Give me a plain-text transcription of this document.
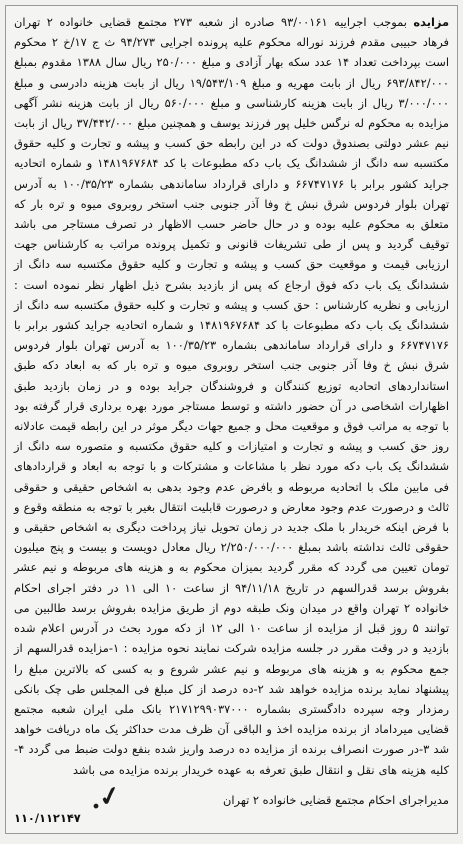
مزایده بموجب اجراییه ۹۳/۰۰۱۶۱ صادره از شعبه ۲۷۳ مجتمع قضایی خانواده ۲ تهران فرهاد حبیبی مقدم فرزند نوراله محکوم علیه پرونده اجرایی ۹۴/۲۷۳ ث ج ۱۷/خ ۲ محکوم است بپرداخت تعداد ۱۴ عدد سکه بهار آزادی و مبلغ ۲۵۰/۰۰۰ ریال سال ۱۳۸۸ مقدوم بمبلغ ۶۹۳/۸۴۲/۰۰۰ ریال از بابت مهریه و مبلغ ۱۹/۵۴۳/۱۰۹ ریال از بابت هزینه دادرسی و مبلغ ۳/۰۰۰/۰۰۰ ریال از بابت هزینه کارشناسی و مبلغ ۵۶۰/۰۰۰ ریال از بابت هزینه نشر آگهی مزایده به محکوم له نرگس خلیل پور فرزند یوسف و همچنین مبلغ ۳۷/۴۴۲/۰۰۰ ریال از بابت نیم عشر دولتی بصندوق دولت که در این رابطه حق کسب و پیشه و تجارت و کلیه حقوق مکتسبه سه دانگ از ششدانگ یک باب دکه مطبوعات با کد ۱۴۸۱۹۶۷۶۸۴ و شماره اتحادیه جراید کشور برابر با ۶۶۷۴۷۱۷۶ و دارای قرارداد ساماندهی بشماره ۱۰۰/۳۵/۲۳ به آدرس تهران بلوار فردوس شرق نبش خ وفا آذر جنوبی جنب استخر روبروی میوه و تره بار که متعلق به محکوم علیه بوده و در حال حاضر حسب الاظهار در تصرف مستاجر می باشد توقیف گردید و پس از طی تشریفات قانونی و تکمیل پرونده مراتب به کارشناس جهت ارزیابی قیمت و موقعیت حق کسب و پیشه و تجارت و کلیه حقوق مکتسبه سه دانگ از ششدانگ یک باب دکه فوق ارجاع که پس از بازدید بشرح ذیل اظهار نظر نموده است : ارزیابی و نظریه کارشناس : حق کسب و پیشه و تجارت و کلیه حقوق مکتسبه سه دانگ از ششدانگ یک باب دکه مطبوعات با کد ۱۴۸۱۹۶۷۶۸۴ و شماره اتحادیه جراید کشور برابر با ۶۶۷۴۷۱۷۶ و دارای قرارداد ساماندهی بشماره ۱۰۰/۳۵/۲۳ به آدرس تهران بلوار فردوس شرق نبش خ وفا آذر جنوبی جنب استخر روبروی میوه و تره بار که به ابعاد دکه طبق استانداردهای اتحادیه توزیع کنندگان و فروشندگان جراید بوده و در زمان بازدید طبق اظهارات اشخاصی در آن حضور داشته و توسط مستاجر مورد بهره برداری قرار گرفته بود با توجه به مراتب فوق و موقعیت محل و جمیع جهات دیگر موثر در این رابطه قیمت عادلانه روز حق کسب و پیشه و تجارت و امتیازات و کلیه حقوق مکتسبه و متصوره سه دانگ از ششدانگ یک باب دکه مورد نظر با مشاعات و مشترکات و با توجه به ابعاد و قراردادهای فی مابین ملک با اتحادیه مربوطه و بافرض عدم وجود بدهی به اشخاص حقیقی و حقوقی ثالث و درصورت عدم وجود معارض و درصورت قابلیت انتقال بغیر با توجه به منطقه وقوع و با فرض اینکه خریدار با ملک جدید در زمان تحویل نیاز پرداخت دیگری به اشخاص حقیقی و حقوقی ثالث نداشته باشد بمبلغ ۲/۲۵۰/۰۰۰/۰۰۰ ریال معادل دویست و بیست و پنج میلیون تومان تعیین می گردد که مقرر گردید بمیزان محکوم به و هزینه های مربوطه و نیم عشر بفروش برسد قدرالسهم در تاریخ ۹۴/۱۱/۱۸ از ساعت ۱۰ الی ۱۱ در دفتر اجرای احکام خانواده ۲ تهران واقع در میدان ونک طبقه دوم از طریق مزایده بفروش برسد طالبین می توانند ۵ روز قبل از مزایده از ساعت ۱۰ الی ۱۲ از دکه مورد بحث در آدرس اعلام شده بازدید و در وقت مقرر در جلسه مزایده شرکت نمایند نحوه مزایده : ۱-مزایده قدرالسهم از جمع محکوم به و هزینه های مربوطه و نیم عشر شروع و به کسی که بالاترین مبلغ را پیشنهاد نماید برنده مزایده خواهد شد ۲-ده درصد از کل مبلغ فی المجلس طی چک بانکی رمزدار وجه سپرده دادگستری بشماره ۲۱۷۱۲۹۹۰۳۷۰۰۰ بانک ملی ایران شعبه مجتمع قضایی میرداماد از برنده مزایده اخذ و الباقی آن ظرف مدت حداکثر یک ماه دریافت خواهد شد ۳-در صورت انصراف برنده از مزایده ده درصد واریز شده بنفع دولت ضبط می گردد ۴-کلیه هزینه های نقل و انتقال طبق تعرفه به عهده خریدار برنده مزایده می باشد

مدیراجرای احکام مجتمع قضایی خانواده ۲ تهران
۱۱۰/۱۱۲۱۴۷
✓.
